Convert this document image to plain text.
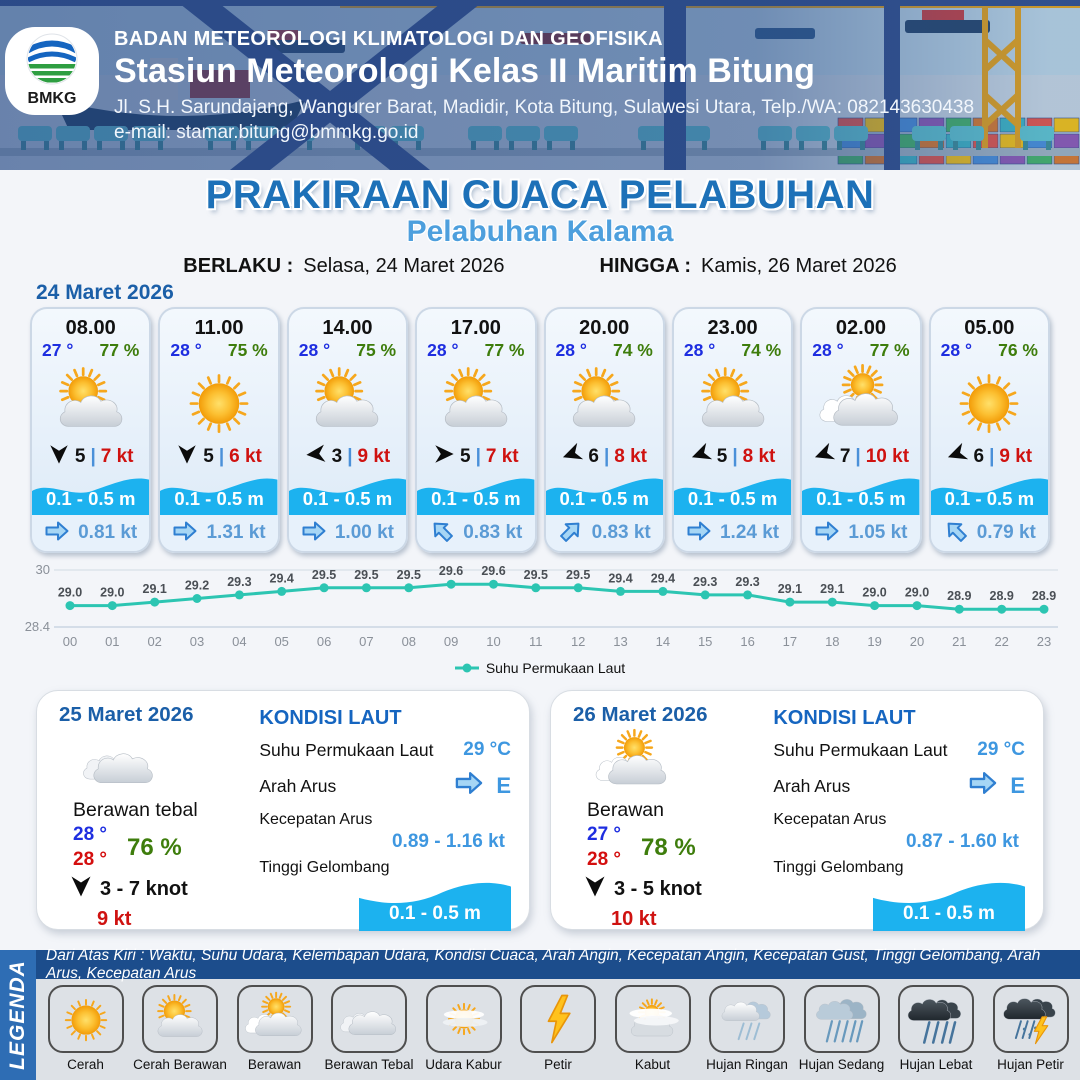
BMKG
BADAN METEOROLOGI KLIMATOLOGI DAN GEOFISIKA
Stasiun Meteorologi Kelas II Maritim Bitung
Jl. S.H. Sarundajang, Wangurer Barat, Madidir, Kota Bitung, Sulawesi Utara, Telp./WA: 082143630438
e-mail: stamar.bitung@bmmkg.go.id
PRAKIRAAN CUACA PELABUHAN
Pelabuhan Kalama
BERLAKU : Selasa, 24 Maret 2026	HINGGA : Kamis, 26 Maret 2026
24 Maret 2026
08.00
27 ° 77 %
5 | 7 kt
0.1 - 0.5 m
0.81 kt
11.00
28 ° 75 %
5 | 6 kt
0.1 - 0.5 m
1.31 kt
14.00
28 ° 75 %
3 | 9 kt
0.1 - 0.5 m
1.00 kt
17.00
28 ° 77 %
5 | 7 kt
0.1 - 0.5 m
0.83 kt
20.00
28 ° 74 %
6 | 8 kt
0.1 - 0.5 m
0.83 kt
23.00
28 ° 74 %
5 | 8 kt
0.1 - 0.5 m
1.24 kt
02.00
28 ° 77 %
7 | 10 kt
0.1 - 0.5 m
1.05 kt
05.00
28 ° 76 %
6 | 9 kt
0.1 - 0.5 m
0.79 kt
30
28.4
29.0
00
29.0
01
29.1
02
29.2
03
29.3
04
29.4
05
29.5
06
29.5
07
29.5
08
29.6
09
29.6
10
29.5
11
29.5
12
29.4
13
29.4
14
29.3
15
29.3
16
29.1
17
29.1
18
29.0
19
29.0
20
28.9
21
28.9
22
28.9
23
Suhu Permukaan Laut
25 Maret 2026
Berawan tebal
28 °
28 ° 76 %
3 - 7 knot
9 kt
KONDISI LAUT
Suhu Permukaan Laut 29 °C
Arah Arus	E
Kecepatan Arus
0.89 - 1.16 kt
Tinggi Gelombang
0.1 - 0.5 m
26 Maret 2026
Berawan
27 °
28 ° 78 %
3 - 5 knot
10 kt
KONDISI LAUT
Suhu Permukaan Laut 29 °C
Arah Arus	E
Kecepatan Arus
0.87 - 1.60 kt
Tinggi Gelombang
0.1 - 0.5 m
LEGENDA
Dari Atas Kiri : Waktu, Suhu Udara, Kelembapan Udara, Kondisi Cuaca, Arah Angin, Kecepatan Angin, Kecepatan Gust, Tinggi Gelombang, Arah Arus, Kecepatan Arus
Cerah Cerah Berawan Berawan Berawan Tebal Udara Kabur	Petir	Kabut	Hujan Ringan Hujan Sedang Hujan Lebat Hujan Petir
